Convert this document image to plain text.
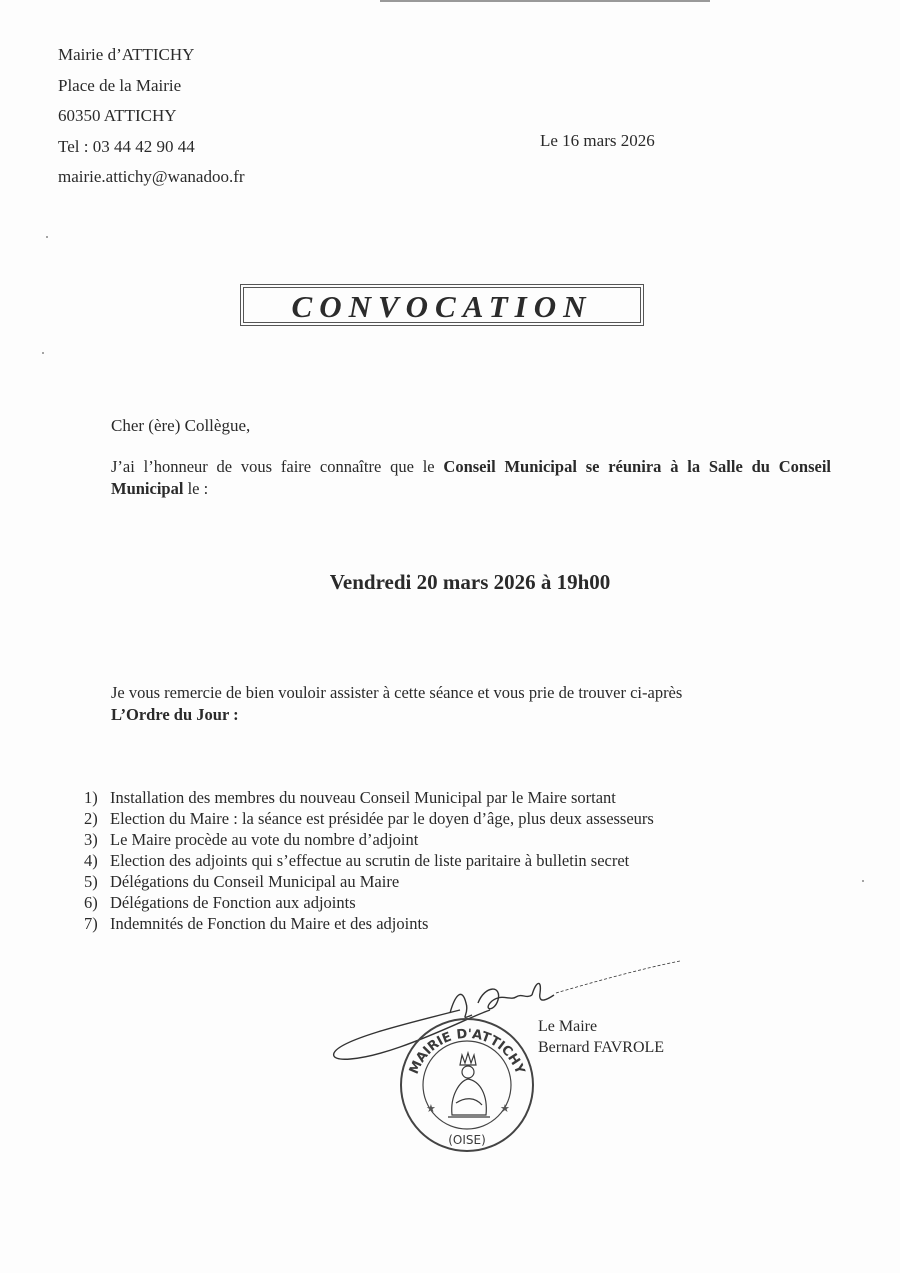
Mairie d’ATTICHY
Place de la Mairie
60350 ATTICHY
Tel : 03 44 42 90 44
mairie.attichy@wanadoo.fr
Le 16 mars 2026
CONVOCATION
Cher (ère) Collègue,
J’ai l’honneur de vous faire connaître que le Conseil Municipal se réunira à la Salle du Conseil Municipal le :
Vendredi 20 mars 2026 à 19h00
Je vous remercie de bien vouloir assister à cette séance et vous prie de trouver ci-après
L’Ordre du Jour :
1) Installation des membres du nouveau Conseil Municipal par le Maire sortant
2) Election du Maire : la séance est présidée par le doyen d’âge, plus deux assesseurs
3) Le Maire procède au vote du nombre d’adjoint
4) Election des adjoints qui s’effectue au scrutin de liste paritaire à bulletin secret
5) Délégations du Conseil Municipal au Maire
6) Délégations de Fonction aux adjoints
7) Indemnités de Fonction du Maire et des adjoints
MAIRIE D'ATTICHY
(OISE)
★	★
Le Maire
Bernard FAVROLE
